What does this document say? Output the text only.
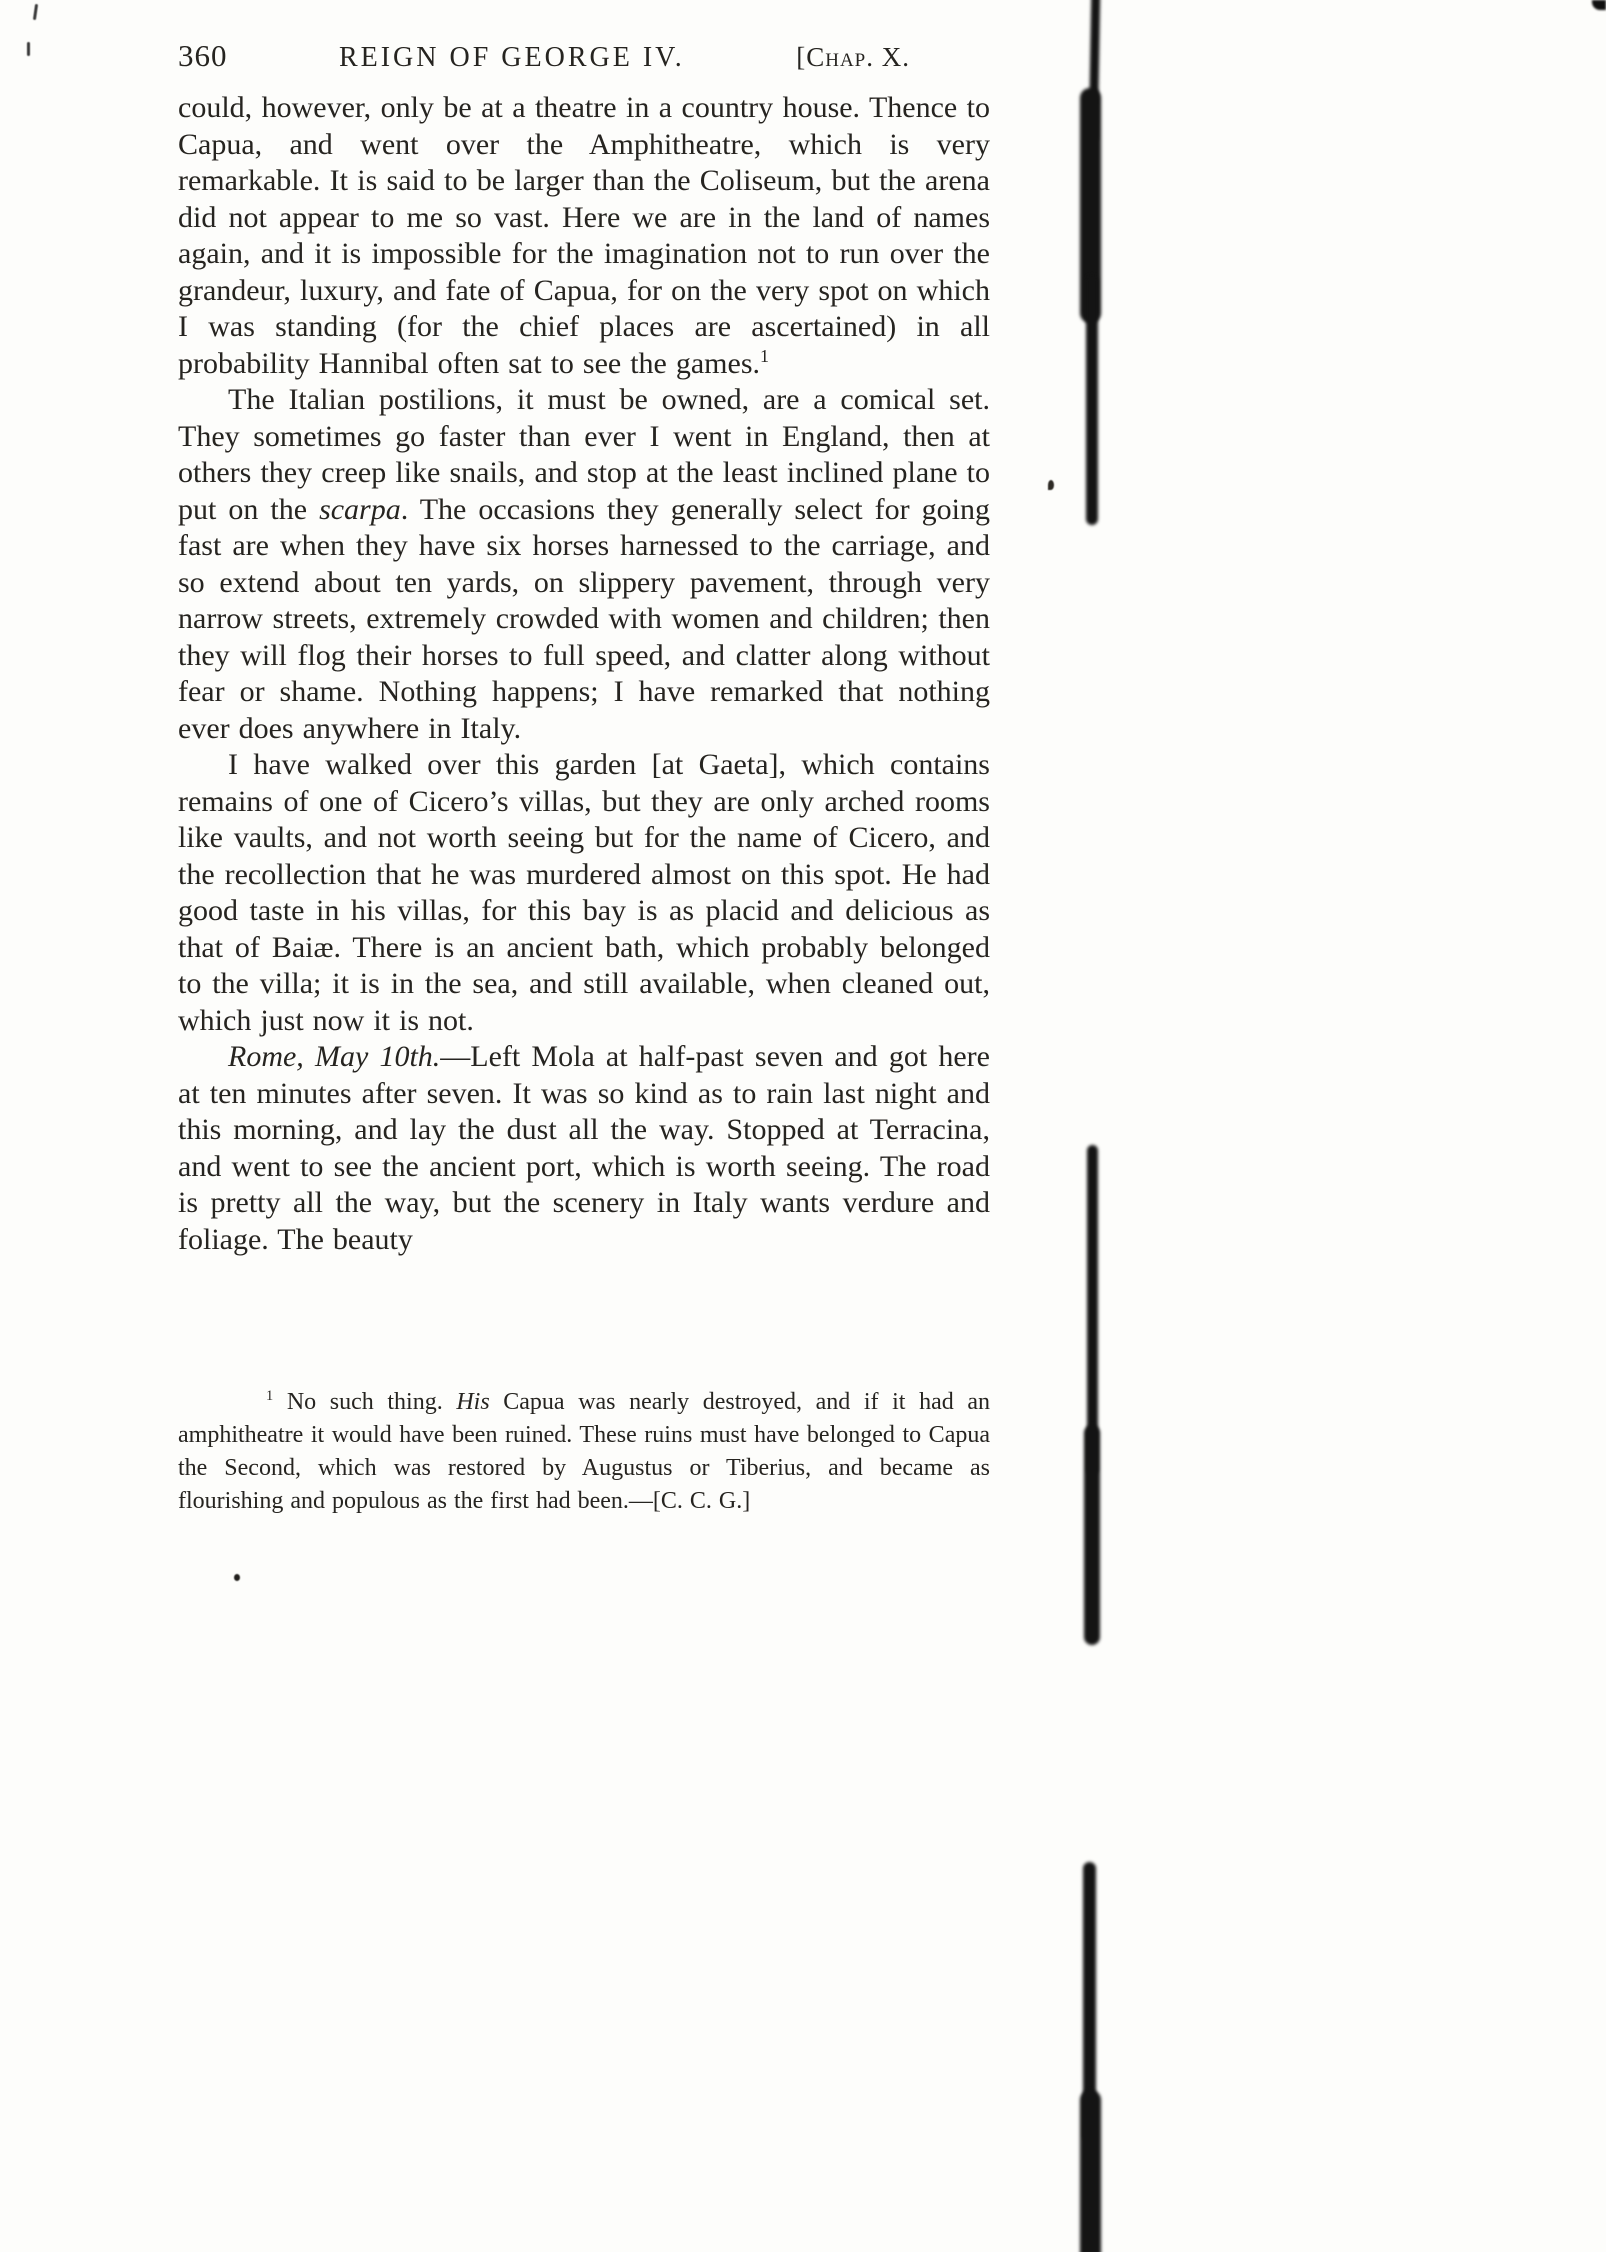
360	REIGN OF GEORGE IV.	[Chap. X.

could, however, only be at a theatre in a country house. Thence to Capua, and went over the Amphitheatre, which is very remarkable. It is said to be larger than the Coliseum, but the arena did not appear to me so vast. Here we are in the land of names again, and it is impossible for the imagination not to run over the grandeur, luxury, and fate of Capua, for on the very spot on which I was standing (for the chief places are ascertained) in all probability Hannibal often sat to see the games.$^1$

The Italian postilions, it must be owned, are a comical set. They sometimes go faster than ever I went in England, then at others they creep like snails, and stop at the least inclined plane to put on the scarpa. The occasions they generally select for going fast are when they have six horses harnessed to the carriage, and so extend about ten yards, on slippery pavement, through very narrow streets, extremely crowded with women and children; then they will flog their horses to full speed, and clatter along without fear or shame. Nothing happens; I have remarked that nothing ever does anywhere in Italy.

I have walked over this garden [at Gaeta], which contains remains of one of Cicero’s villas, but they are only arched rooms like vaults, and not worth seeing but for the name of Cicero, and the recollection that he was murdered almost on this spot. He had good taste in his villas, for this bay is as placid and delicious as that of Baiæ. There is an ancient bath, which probably belonged to the villa; it is in the sea, and still available, when cleaned out, which just now it is not.

Rome, May 10th.—Left Mola at half-past seven and got here at ten minutes after seven. It was so kind as to rain last night and this morning, and lay the dust all the way. Stopped at Terracina, and went to see the ancient port, which is worth seeing. The road is pretty all the way, but the scenery in Italy wants verdure and foliage. The beauty

$^1$ No such thing. His Capua was nearly destroyed, and if it had an amphitheatre it would have been ruined. These ruins must have belonged to Capua the Second, which was restored by Augustus or Tiberius, and became as flourishing and populous as the first had been.—[C. C. G.]
